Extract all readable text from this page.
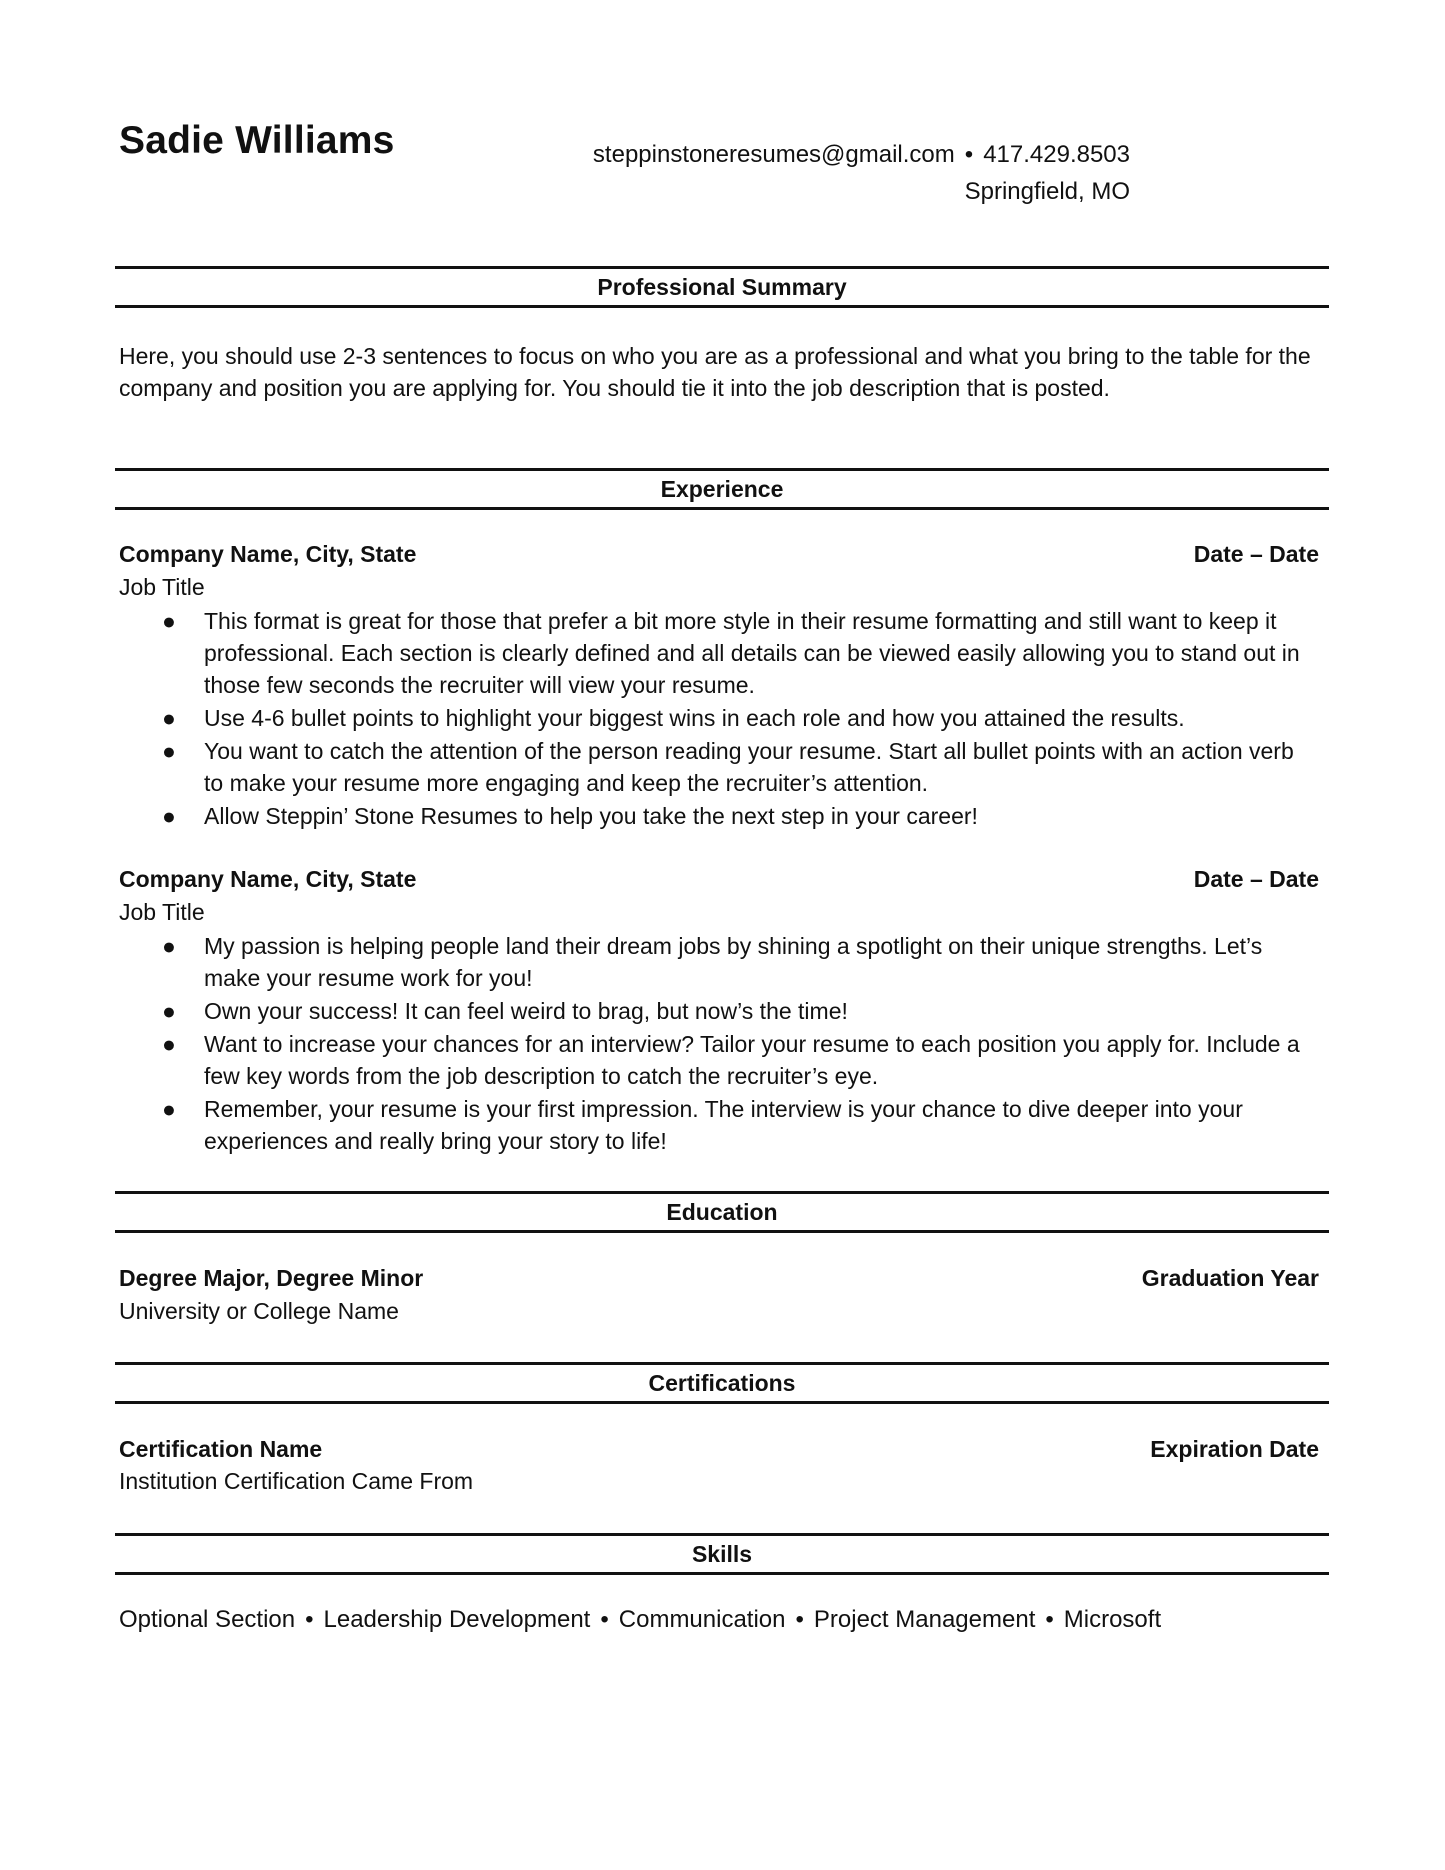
Sadie Williams	steppinstoneresumes@gmail.com • 417.429.8503
Springfield, MO
Professional Summary
Here, you should use 2-3 sentences to focus on who you are as a professional and what you bring to the table for the company and position you are applying for. You should tie it into the job description that is posted.
Experience
Company Name, City, State	Date – Date
Job Title
● This format is great for those that prefer a bit more style in their resume formatting and still want to keep it professional. Each section is clearly defined and all details can be viewed easily allowing you to stand out in those few seconds the recruiter will view your resume.
● Use 4-6 bullet points to highlight your biggest wins in each role and how you attained the results.
● You want to catch the attention of the person reading your resume. Start all bullet points with an action verb to make your resume more engaging and keep the recruiter’s attention.
● Allow Steppin’ Stone Resumes to help you take the next step in your career!
Company Name, City, State	Date – Date
Job Title
● My passion is helping people land their dream jobs by shining a spotlight on their unique strengths. Let’s make your resume work for you!
● Own your success! It can feel weird to brag, but now’s the time!
● Want to increase your chances for an interview? Tailor your resume to each position you apply for. Include a few key words from the job description to catch the recruiter’s eye.
● Remember, your resume is your first impression. The interview is your chance to dive deeper into your experiences and really bring your story to life!
Education
Degree Major, Degree Minor	Graduation Year
University or College Name
Certifications
Certification Name	Expiration Date
Institution Certification Came From
Skills
Optional Section • Leadership Development • Communication • Project Management • Microsoft
